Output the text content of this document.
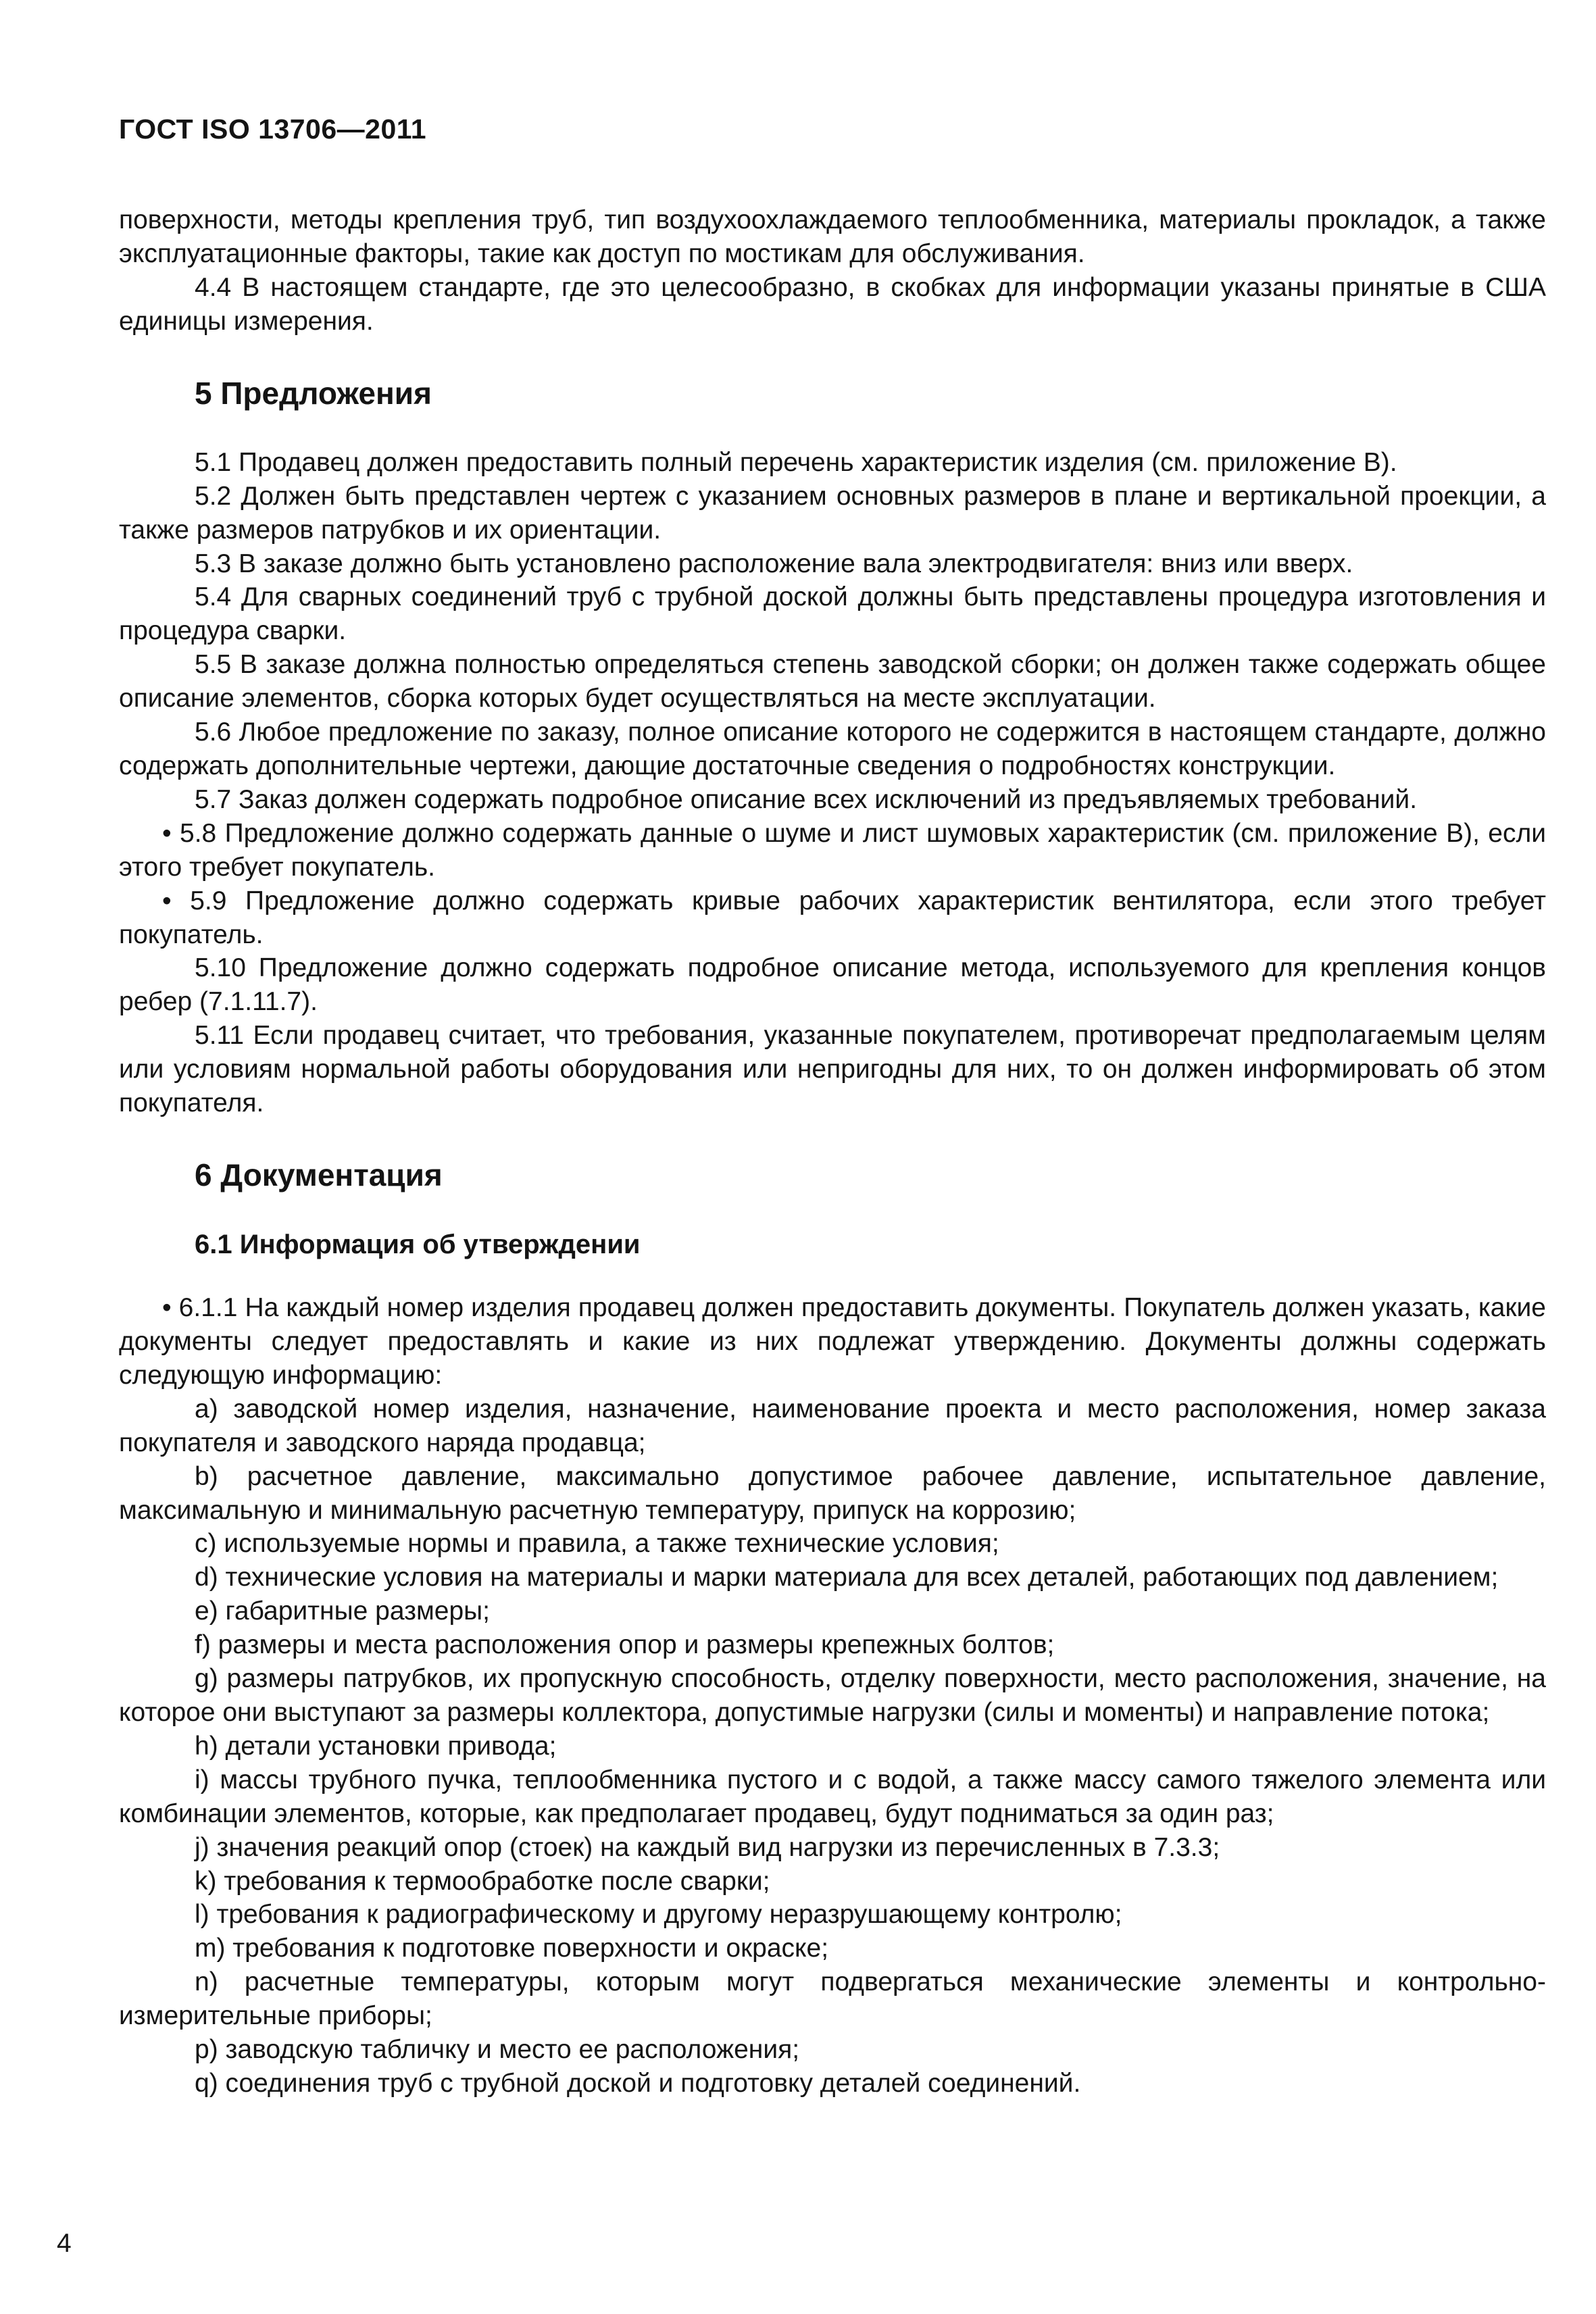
ГОСТ ISO 13706—2011
поверхности, методы крепления труб, тип воздухоохлаждаемого теплообменника, материалы прокладок, а также эксплуатационные факторы, такие как доступ по мостикам для обслуживания.
4.4 В настоящем стандарте, где это целесообразно, в скобках для информации указаны принятые в США единицы измерения.
5 Предложения
5.1 Продавец должен предоставить полный перечень характеристик изделия (см. приложение B).
5.2 Должен быть представлен чертеж с указанием основных размеров в плане и вертикальной проекции, а также размеров патрубков и их ориентации.
5.3 В заказе должно быть установлено расположение вала электродвигателя: вниз или вверх.
5.4 Для сварных соединений труб с трубной доской должны быть представлены процедура изготовления и процедура сварки.
5.5 В заказе должна полностью определяться степень заводской сборки; он должен также содержать общее описание элементов, сборка которых будет осуществляться на месте эксплуатации.
5.6 Любое предложение по заказу, полное описание которого не содержится в настоящем стандарте, должно содержать дополнительные чертежи, дающие достаточные сведения о подробностях конструкции.
5.7 Заказ должен содержать подробное описание всех исключений из предъявляемых требований.
• 5.8 Предложение должно содержать данные о шуме и лист шумовых характеристик (см. приложение B), если этого требует покупатель.
• 5.9 Предложение должно содержать кривые рабочих характеристик вентилятора, если этого требует покупатель.
5.10 Предложение должно содержать подробное описание метода, используемого для крепления концов ребер (7.1.11.7).
5.11 Если продавец считает, что требования, указанные покупателем, противоречат предполагаемым целям или условиям нормальной работы оборудования или непригодны для них, то он должен информировать об этом покупателя.
6 Документация
6.1 Информация об утверждении
• 6.1.1 На каждый номер изделия продавец должен предоставить документы. Покупатель должен указать, какие документы следует предоставлять и какие из них подлежат утверждению. Документы должны содержать следующую информацию:
a) заводской номер изделия, назначение, наименование проекта и место расположения, номер заказа покупателя и заводского наряда продавца;
b) расчетное давление, максимально допустимое рабочее давление, испытательное давление, максимальную и минимальную расчетную температуру, припуск на коррозию;
c) используемые нормы и правила, а также технические условия;
d) технические условия на материалы и марки материала для всех деталей, работающих под давлением;
e) габаритные размеры;
f) размеры и места расположения опор и размеры крепежных болтов;
g) размеры патрубков, их пропускную способность, отделку поверхности, место расположения, значение, на которое они выступают за размеры коллектора, допустимые нагрузки (силы и моменты) и направление потока;
h) детали установки привода;
i) массы трубного пучка, теплообменника пустого и с водой, а также массу самого тяжелого элемента или комбинации элементов, которые, как предполагает продавец, будут подниматься за один раз;
j) значения реакций опор (стоек) на каждый вид нагрузки из перечисленных в 7.3.3;
k) требования к термообработке после сварки;
l) требования к радиографическому и другому неразрушающему контролю;
m) требования к подготовке поверхности и окраске;
n) расчетные температуры, которым могут подвергаться механические элементы и контрольно-измерительные приборы;
p) заводскую табличку и место ее расположения;
q) соединения труб с трубной доской и подготовку деталей соединений.
4
